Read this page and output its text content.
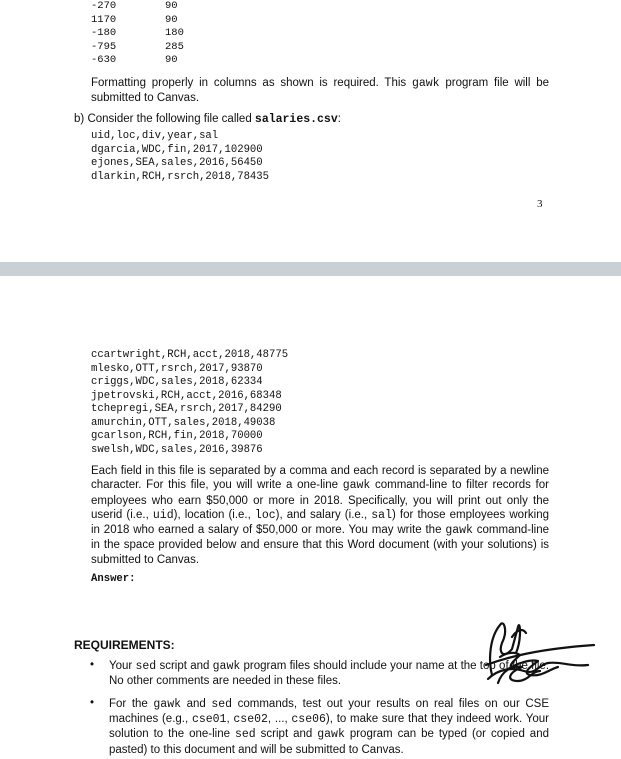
-270	90
1170	90
-180	180
-795	285
-630	90
Formatting properly in columns as shown is required. This gawk program file will be submitted to Canvas.
b) Consider the following file called salaries.csv:
uid,loc,div,year,sal
dgarcia,WDC,fin,2017,102900
ejones,SEA,sales,2016,56450
dlarkin,RCH,rsrch,2018,78435
3
ccartwright,RCH,acct,2018,48775
mlesko,OTT,rsrch,2017,93870
criggs,WDC,sales,2018,62334
jpetrovski,RCH,acct,2016,68348
tchepregi,SEA,rsrch,2017,84290
amurchin,OTT,sales,2018,49038
gcarlson,RCH,fin,2018,70000
swelsh,WDC,sales,2016,39876
Each field in this file is separated by a comma and each record is separated by a newline character. For this file, you will write a one-line gawk command-line to filter records for employees who earn $50,000 or more in 2018. Specifically, you will print out only the userid (i.e., uid), location (i.e., loc), and salary (i.e., sal) for those employees working in 2018 who earned a salary of $50,000 or more. You may write the gawk command-line in the space provided below and ensure that this Word document (with your solutions) is submitted to Canvas.
Answer:
REQUIREMENTS:
• Your sed script and gawk program files should include your name at the top of the file. No other comments are needed in these files.
• For the gawk and sed commands, test out your results on real files on our CSE machines (e.g., cse01, cse02, ..., cse06), to make sure that they indeed work. Your solution to the one-line sed script and gawk program can be typed (or copied and pasted) to this document and will be submitted to Canvas.
